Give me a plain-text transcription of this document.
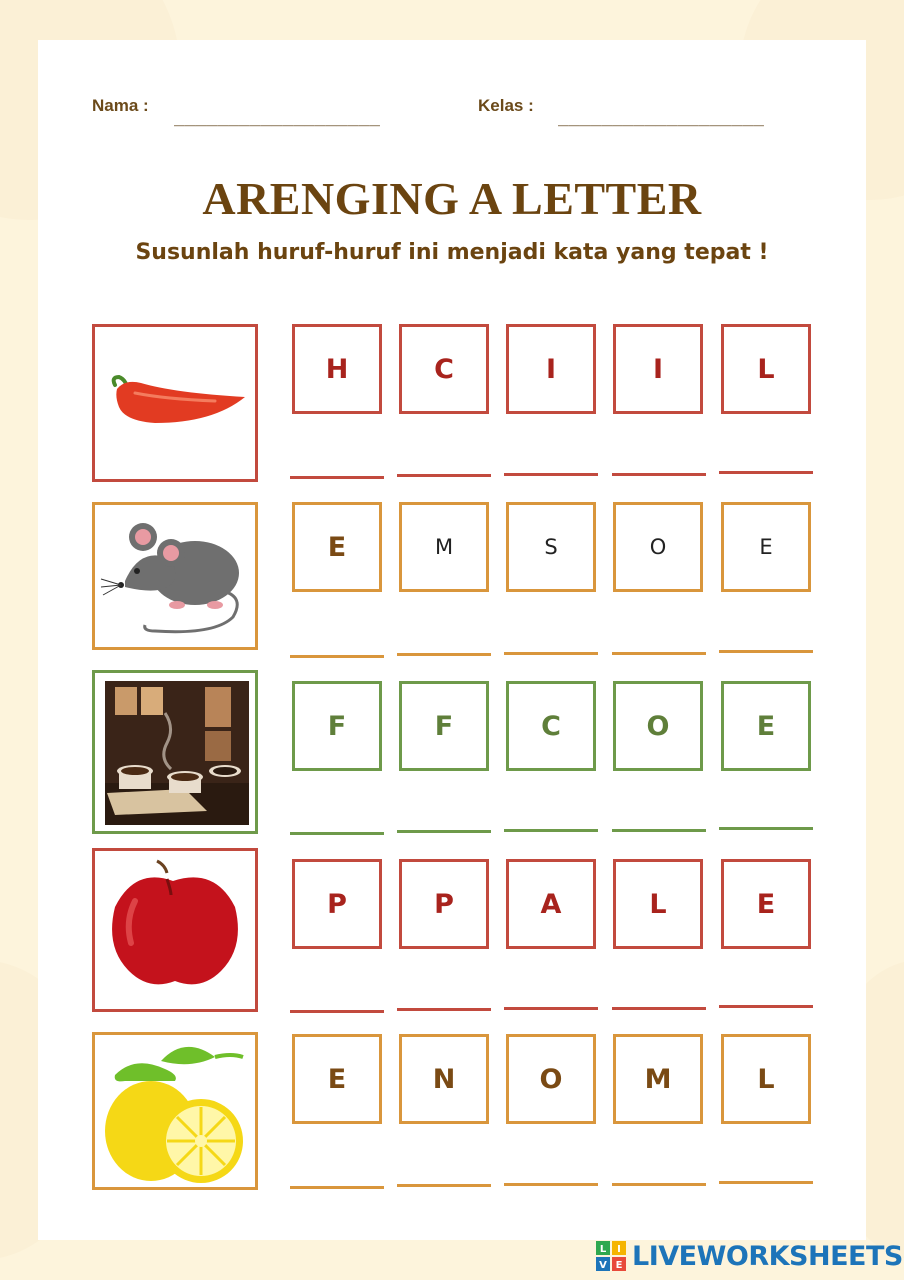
Nama :
___________________
Kelas :
___________________
ARENGING A LETTER
Susunlah huruf-huruf ini menjadi kata yang tepat !
H	C	I	I	L
E	M	S	O	E
F	F	C	O	E
P	P	A	L	E
E	N	O	M	L
L I
V E LIVEWORKSHEETS
